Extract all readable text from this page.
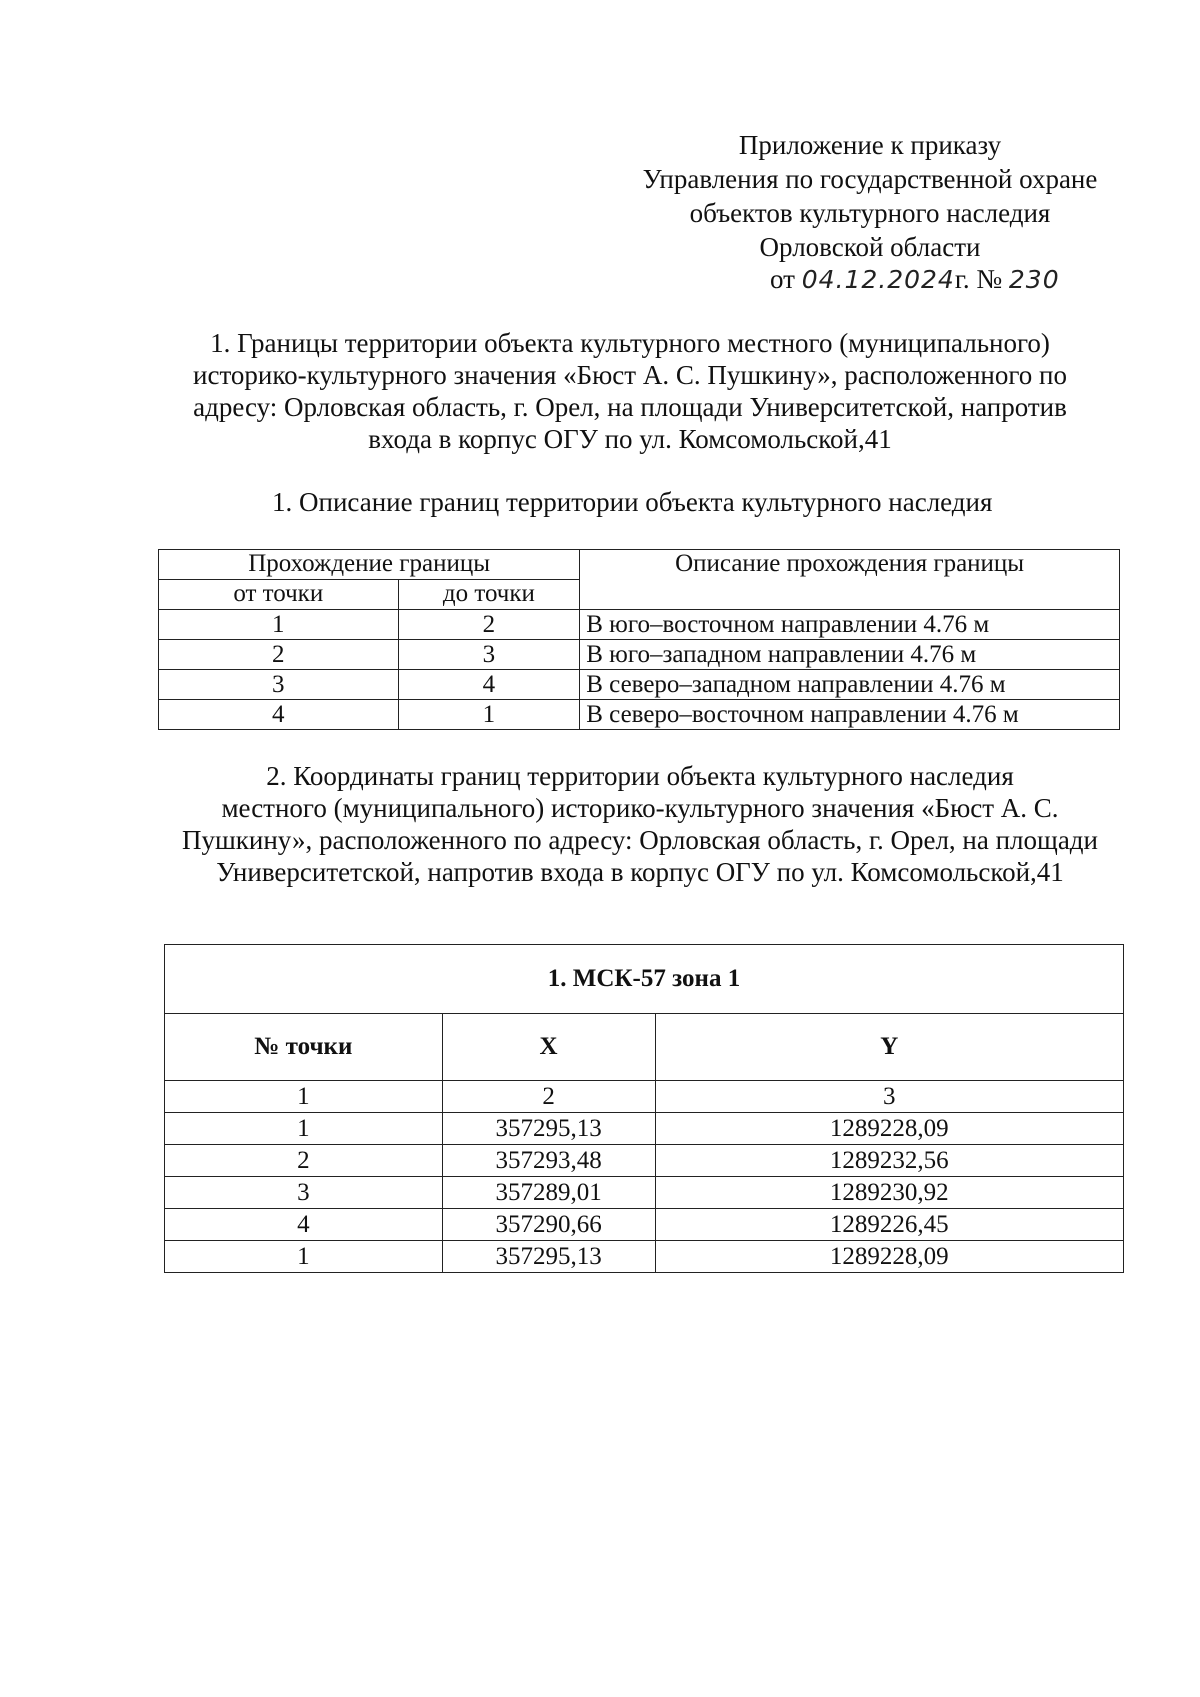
Приложение к приказу
Управления по государственной охране
объектов культурного наследия
Орловской области
от 04.12.2024г. № 230
1. Границы территории объекта культурного местного (муниципального)
историко-культурного значения «Бюст А. С. Пушкину», расположенного по
адресу: Орловская область, г. Орел, на площади Университетской, напротив
входа в корпус ОГУ по ул. Комсомольской,41
1. Описание границ территории объекта культурного наследия
Прохождение границы		Описание прохождения границы
от точки	до точки	
1	2	В юго–восточном направлении 4.76 м
2	3	В юго–западном направлении 4.76 м
3	4	В северо–западном направлении 4.76 м
4	1	В северо–восточном направлении 4.76 м
2. Координаты границ территории объекта культурного наследия
местного (муниципального) историко-культурного значения «Бюст А. С.
Пушкину», расположенного по адресу: Орловская область, г. Орел, на площади
Университетской, напротив входа в корпус ОГУ по ул. Комсомольской,41
1. МСК-57 зона 1		
№ точки	X	Y
1	2	3
1	357295,13	1289228,09
2	357293,48	1289232,56
3	357289,01	1289230,92
4	357290,66	1289226,45
1	357295,13	1289228,09
